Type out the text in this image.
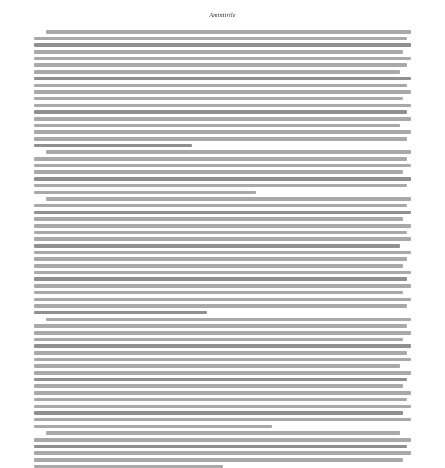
Amintirile
